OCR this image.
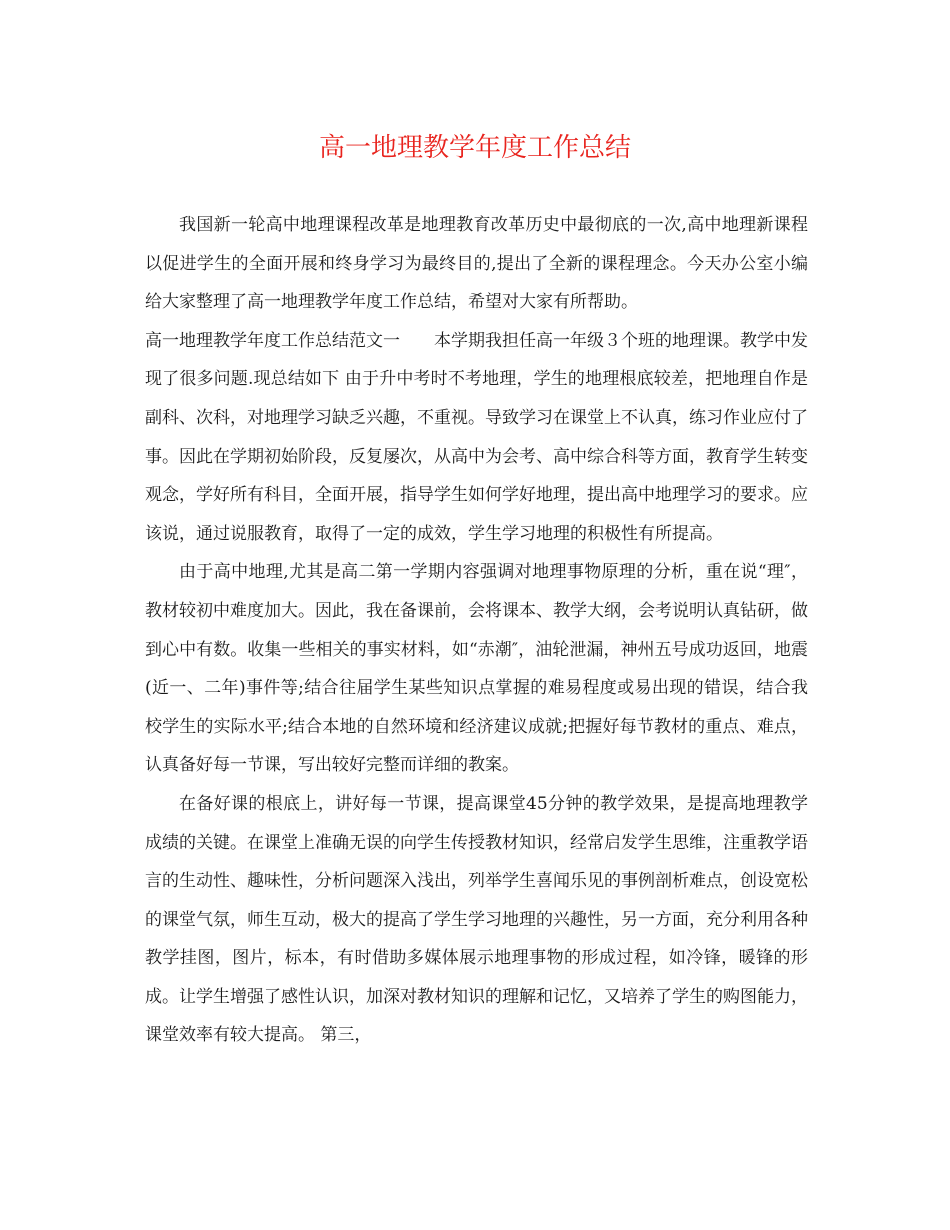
高一地理教学年度工作总结

我国新一轮高中地理课程改革是地理教育改革历史中最彻底的一次,高中地理新课程以促进学生的全面开展和终身学习为最终目的,提出了全新的课程理念。今天办公室小编给大家整理了高一地理教学年度工作总结，希望对大家有所帮助。

高一地理教学年度工作总结范文一　　本学期我担任高一年级３个班的地理课。教学中发现了很多问题.现总结如下 由于升中考时不考地理，学生的地理根底较差，把地理自作是副科、次科，对地理学习缺乏兴趣，不重视。导致学习在课堂上不认真，练习作业应付了事。因此在学期初始阶段，反复屡次，从高中为会考、高中综合科等方面，教育学生转变观念，学好所有科目，全面开展，指导学生如何学好地理，提出高中地理学习的要求。应该说，通过说服教育，取得了一定的成效，学生学习地理的积极性有所提高。

由于高中地理,尤其是高二第一学期内容强调对地理事物原理的分析，重在说“理″，教材较初中难度加大。因此，我在备课前，会将课本、教学大纲，会考说明认真钻研，做到心中有数。收集一些相关的事实材料，如“赤潮″，油轮泄漏，神州五号成功返回，地震(近一、二年)事件等;结合往届学生某些知识点掌握的难易程度或易出现的错误，结合我校学生的实际水平;结合本地的自然环境和经济建议成就;把握好每节教材的重点、难点，认真备好每一节课，写出较好完整而详细的教案。

在备好课的根底上，讲好每一节课，提高课堂45分钟的教学效果，是提高地理教学成绩的关键。在课堂上准确无误的向学生传授教材知识，经常启发学生思维，注重教学语言的生动性、趣味性，分析问题深入浅出，列举学生喜闻乐见的事例剖析难点，创设宽松的课堂气氛，师生互动，极大的提高了学生学习地理的兴趣性，另一方面，充分利用各种教学挂图，图片，标本，有时借助多媒体展示地理事物的形成过程，如冷锋，暖锋的形成。让学生增强了感性认识，加深对教材知识的理解和记忆，又培养了学生的购图能力，课堂效率有较大提高。 第三，
